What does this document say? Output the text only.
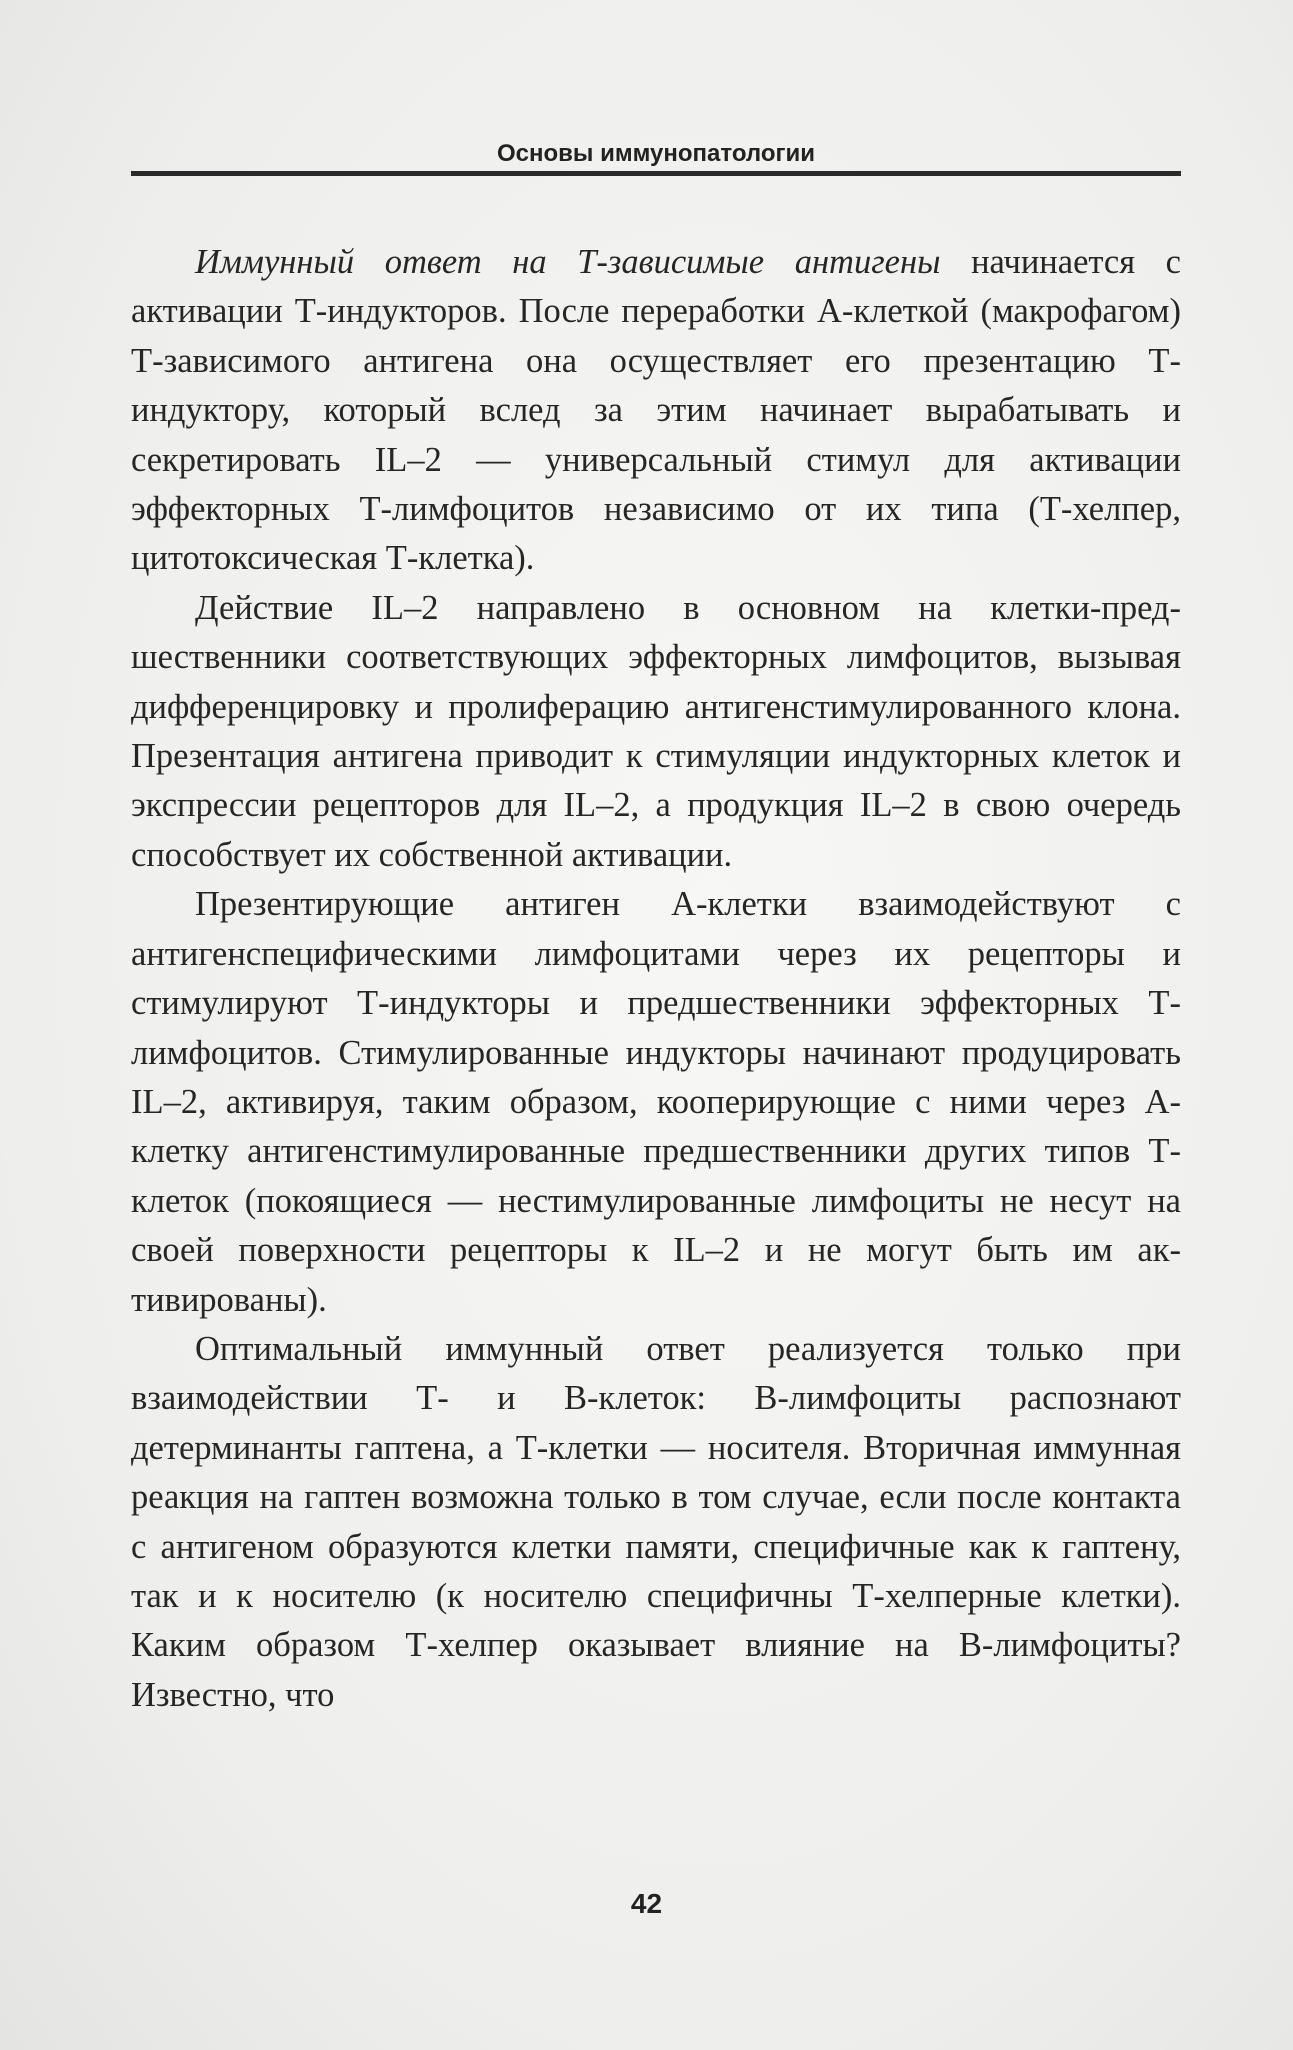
Основы иммунопатологии

Иммунный ответ на Т-зависимые антигены начинается с активации Т-индукторов. После переработки А-клеткой (макрофагом) Т-зависимого антигена она осуществляет его презентацию Т-индуктору, который вслед за этим начинает вырабатывать и секретировать IL–2 — универсальный стимул для активации эффекторных Т-лимфоцитов независимо от их типа (Т-хелпер, цитотоксическая Т-клетка).

Действие IL–2 направлено в основном на клетки-предшественники соответствующих эффекторных лимфоцитов, вызывая дифференцировку и пролиферацию антигенстимулированного клона. Презентация антигена приводит к стимуляции индукторных клеток и экспрессии рецепторов для IL–2, а продукция IL–2 в свою очередь способствует их собственной активации.

Презентирующие антиген А-клетки взаимодействуют с антигенспецифическими лимфоцитами через их рецепторы и стимулируют Т-индукторы и предшественники эффекторных Т-лимфоцитов. Стимулированные индукторы начинают продуцировать IL–2, активируя, таким образом, кооперирующие с ними через А-клетку антигенстимулированные предшественники других типов Т-клеток (покоящиеся — нестимулированные лимфоциты не несут на своей поверхности рецепторы к IL–2 и не могут быть им активированы).

Оптимальный иммунный ответ реализуется только при взаимодействии Т- и В-клеток: В-лимфоциты распознают детерминанты гаптена, а Т-клетки — носителя. Вторичная иммунная реакция на гаптен возможна только в том случае, если после контакта с антигеном образуются клетки памяти, специфичные как к гаптену, так и к носителю (к носителю специфичны Т-хелперные клетки). Каким образом Т-хелпер оказывает влияние на В-лимфоциты? Известно, что

42
